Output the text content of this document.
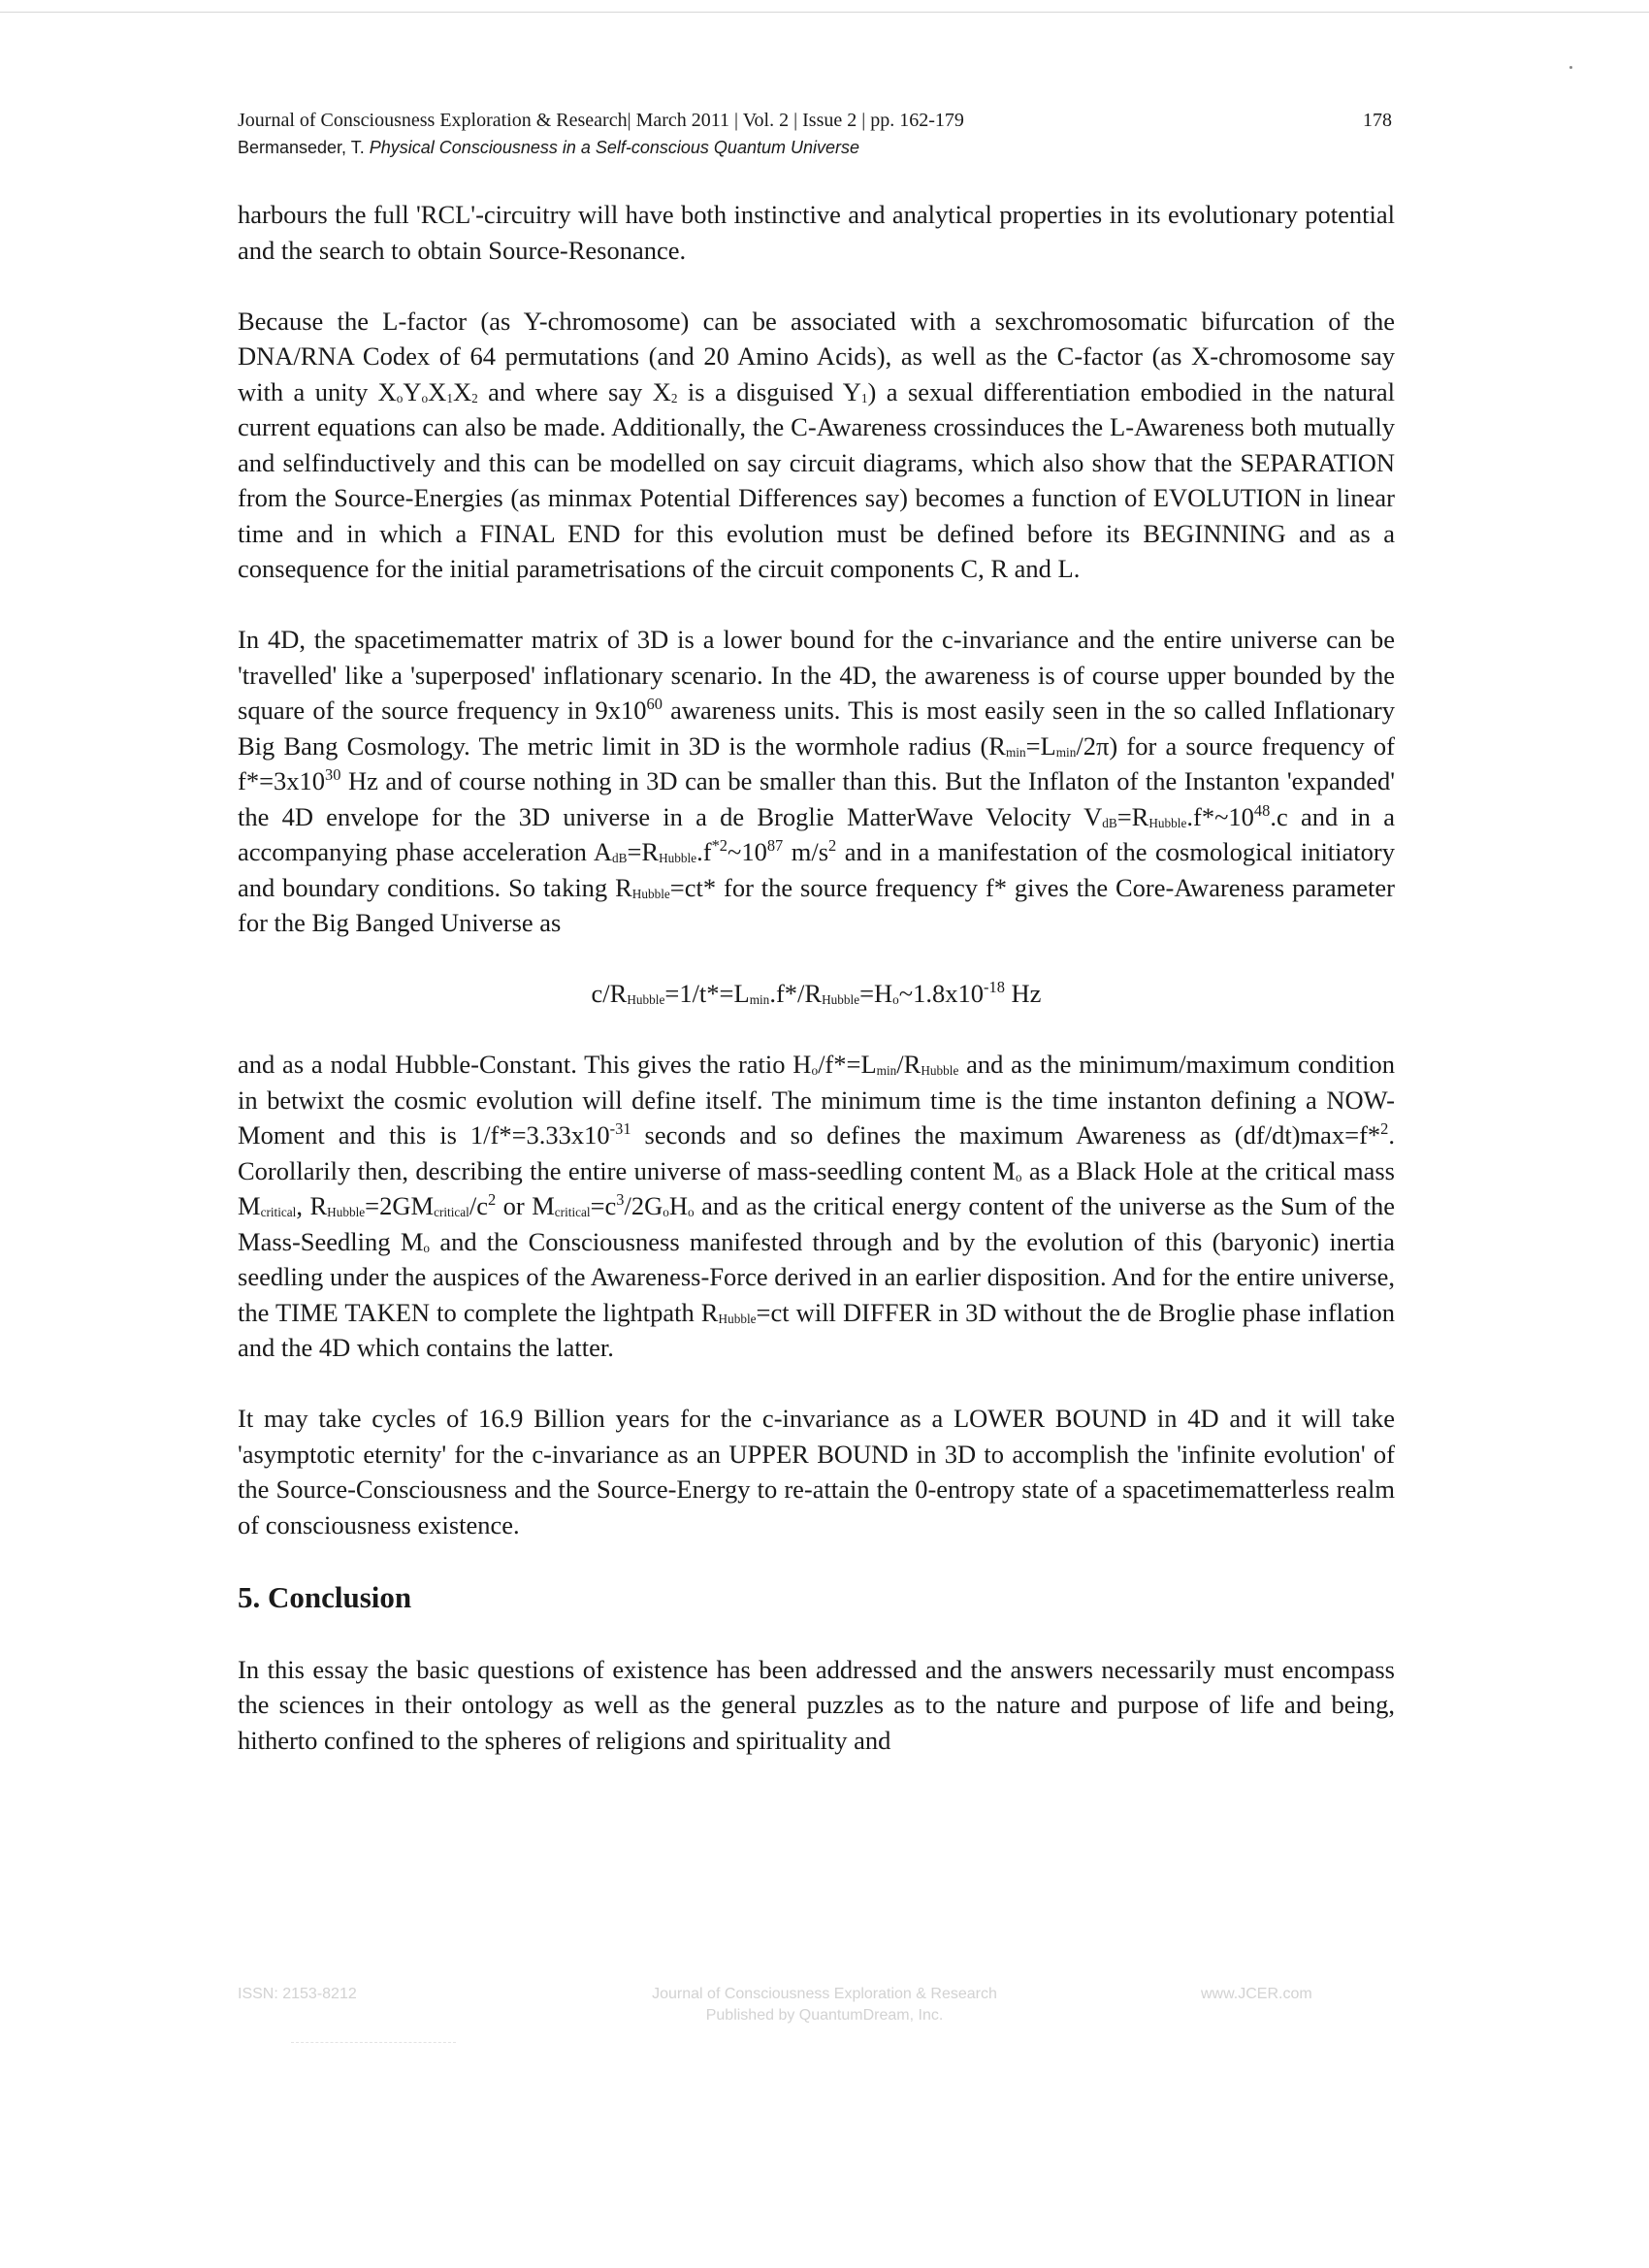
Journal of Consciousness Exploration & Research| March 2011 | Vol. 2 | Issue 2 | pp. 162-179	178
Bermanseder, T. Physical Consciousness in a Self-conscious Quantum Universe

harbours the full 'RCL'-circuitry will have both instinctive and analytical properties in its evolutionary potential and the search to obtain Source-Resonance.

Because the L-factor (as Y-chromosome) can be associated with a sexchromosomatic bifurcation of the DNA/RNA Codex of 64 permutations (and 20 Amino Acids), as well as the C-factor (as X-chromosome say with a unity $X_oY_oX_1X_2$ and where say $X_2$ is a disguised $Y_1$) a sexual differentiation embodied in the natural current equations can also be made. Additionally, the C-Awareness crossinduces the L-Awareness both mutually and selfinductively and this can be modelled on say circuit diagrams, which also show that the SEPARATION from the Source-Energies (as minmax Potential Differences say) becomes a function of EVOLUTION in linear time and in which a FINAL END for this evolution must be defined before its BEGINNING and as a consequence for the initial parametrisations of the circuit components C, R and L.

In 4D, the spacetimematter matrix of 3D is a lower bound for the c-invariance and the entire universe can be 'travelled' like a 'superposed' inflationary scenario. In the 4D, the awareness is of course upper bounded by the square of the source frequency in $9x10^{60}$ awareness units. This is most easily seen in the so called Inflationary Big Bang Cosmology. The metric limit in 3D is the wormhole radius $(R_{min}=L_{min}/2\pi)$ for a source frequency of $f*=3x10^{30}$ Hz and of course nothing in 3D can be smaller than this. But the Inflaton of the Instanton 'expanded' the 4D envelope for the 3D universe in a de Broglie MatterWave Velocity $V_{dB}=R_{Hubble}.f*\sim 10^{48}.c$ and in a accompanying phase acceleration $A_{dB}=R_{Hubble}.f^{*2}\sim 10^{87}$ $m/s^2$ and in a manifestation of the cosmological initiatory and boundary conditions. So taking $R_{Hubble}=ct*$ for the source frequency f* gives the Core-Awareness parameter for the Big Banged Universe as

$c/R_{Hubble}=1/t*=L_{min}.f*/R_{Hubble}=H_o\sim 1.8x10^{-18}$ Hz

and as a nodal Hubble-Constant. This gives the ratio $H_o/f*=L_{min}/R_{Hubble}$ and as the minimum/maximum condition in betwixt the cosmic evolution will define itself. The minimum time is the time instanton defining a NOW-Moment and this is $1/f*=3.33x10^{-31}$ seconds and so defines the maximum Awareness as (df/dt)max=f*$^2$. Corollarily then, describing the entire universe of mass-seedling content $M_o$ as a Black Hole at the critical mass $M_{critical}$, $R_{Hubble}=2GM_{critical}/c^2$ or $M_{critical}=c^3/2G_oH_o$ and as the critical energy content of the universe as the Sum of the Mass-Seedling $M_o$ and the Consciousness manifested through and by the evolution of this (baryonic) inertia seedling under the auspices of the Awareness-Force derived in an earlier disposition. And for the entire universe, the TIME TAKEN to complete the lightpath $R_{Hubble}=ct$ will DIFFER in 3D without the de Broglie phase inflation and the 4D which contains the latter.

It may take cycles of 16.9 Billion years for the c-invariance as a LOWER BOUND in 4D and it will take 'asymptotic eternity' for the c-invariance as an UPPER BOUND in 3D to accomplish the 'infinite evolution' of the Source-Consciousness and the Source-Energy to re-attain the 0-entropy state of a spacetimematterless realm of consciousness existence.

5. Conclusion

In this essay the basic questions of existence has been addressed and the answers necessarily must encompass the sciences in their ontology as well as the general puzzles as to the nature and purpose of life and being, hitherto confined to the spheres of religions and spirituality and

ISSN: 2153-8212	Journal of Consciousness Exploration & Research
Published by QuantumDream, Inc.
www.JCER.com
